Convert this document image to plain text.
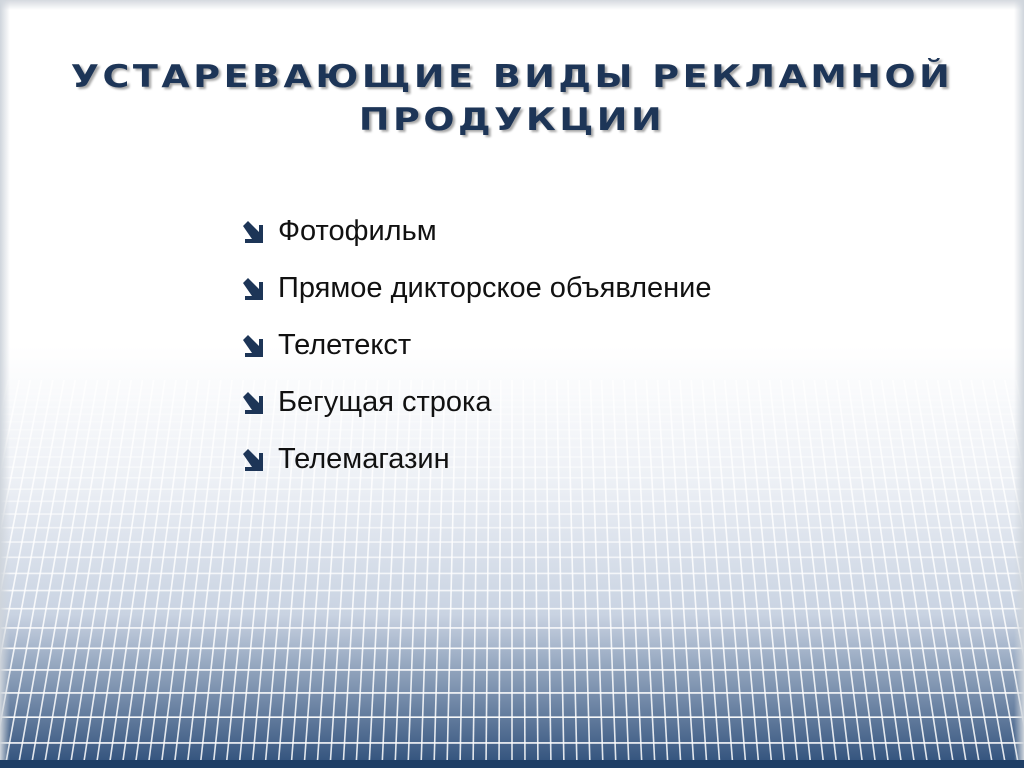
УСТАРЕВАЮЩИЕ ВИДЫ РЕКЛАМНОЙ
ПРОДУКЦИИ
Фотофильм
Прямое дикторское объявление
Телетекст
Бегущая строка
Телемагазин
